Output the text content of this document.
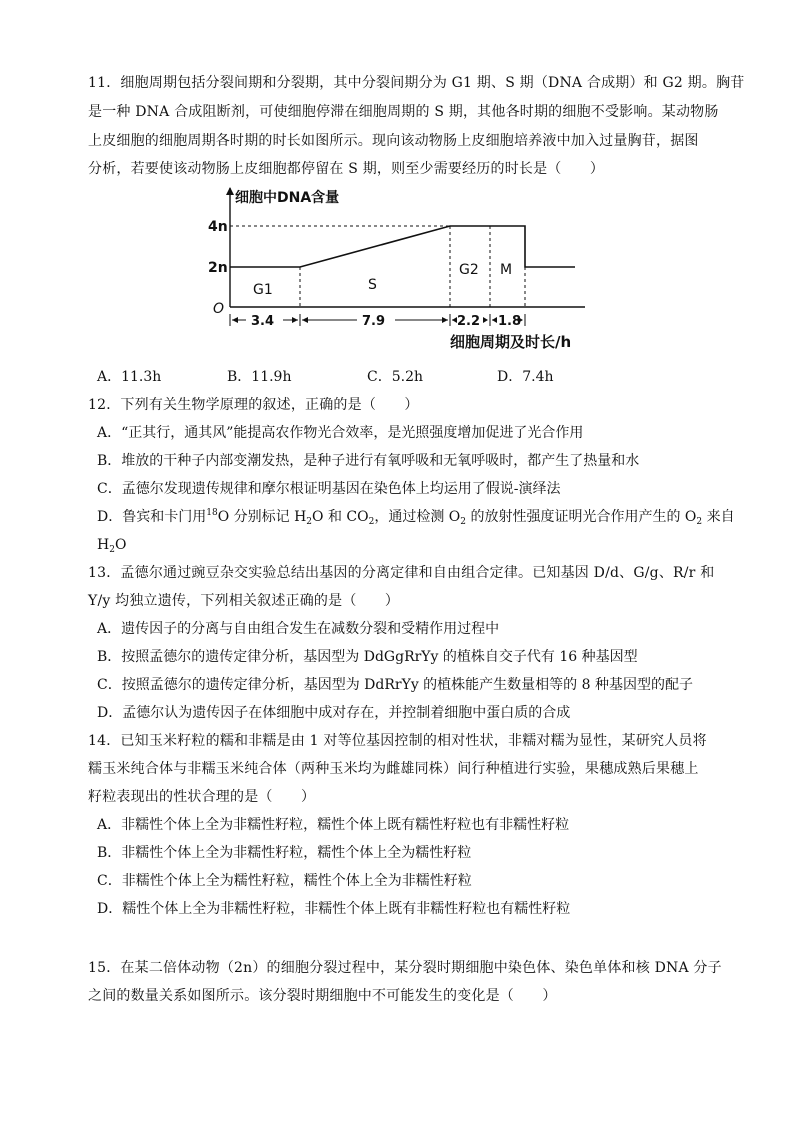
11．细胞周期包括分裂间期和分裂期，其中分裂间期分为 G1 期、S 期（DNA 合成期）和 G2 期。胸苷
是一种 DNA 合成阻断剂，可使细胞停滞在细胞周期的 S 期，其他各时期的细胞不受影响。某动物肠
上皮细胞的细胞周期各时期的时长如图所示。现向该动物肠上皮细胞培养液中加入过量胸苷，据图
分析，若要使该动物肠上皮细胞都停留在 S 期，则至少需要经历的时长是（　　）
细胞中DNA含量
4n
2n
O
G1	S
G2 M
3.4	7.9	2.2 1.8
细胞周期及时长/h
A．11.3h	B．11.9h	C．5.2h	D．7.4h
12．下列有关生物学原理的叙述，正确的是（　　）
A．“正其行，通其风”能提高农作物光合效率，是光照强度增加促进了光合作用
B．堆放的干种子内部变潮发热，是种子进行有氧呼吸和无氧呼吸时，都产生了热量和水
C．孟德尔发现遗传规律和摩尔根证明基因在染色体上均运用了假说-演绎法
D．鲁宾和卡门用$^{18}$O 分别标记 $H_2O$ 和 $CO_2$，通过检测 $O_2$ 的放射性强度证明光合作用产生的 $O_2$ 来自
$H_2O$
13．孟德尔通过豌豆杂交实验总结出基因的分离定律和自由组合定律。已知基因 D/d、G/g、R/r 和
Y/y 均独立遗传，下列相关叙述正确的是（　　）
A．遗传因子的分离与自由组合发生在减数分裂和受精作用过程中
B．按照孟德尔的遗传定律分析，基因型为 DdGgRrYy 的植株自交子代有 16 种基因型
C．按照孟德尔的遗传定律分析，基因型为 DdRrYy 的植株能产生数量相等的 8 种基因型的配子
D．孟德尔认为遗传因子在体细胞中成对存在，并控制着细胞中蛋白质的合成
14．已知玉米籽粒的糯和非糯是由 1 对等位基因控制的相对性状，非糯对糯为显性，某研究人员将
糯玉米纯合体与非糯玉米纯合体（两种玉米均为雌雄同株）间行种植进行实验，果穗成熟后果穗上
籽粒表现出的性状合理的是（　　）
A．非糯性个体上全为非糯性籽粒，糯性个体上既有糯性籽粒也有非糯性籽粒
B．非糯性个体上全为非糯性籽粒，糯性个体上全为糯性籽粒
C．非糯性个体上全为糯性籽粒，糯性个体上全为非糯性籽粒
D．糯性个体上全为非糯性籽粒，非糯性个体上既有非糯性籽粒也有糯性籽粒
15．在某二倍体动物（2n）的细胞分裂过程中，某分裂时期细胞中染色体、染色单体和核 DNA 分子
之间的数量关系如图所示。该分裂时期细胞中不可能发生的变化是（　　）
